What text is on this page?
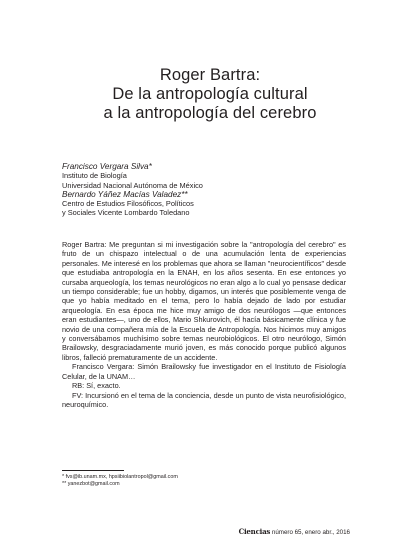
Roger Bartra:
De la antropología cultural
a la antropología del cerebro
Francisco Vergara Silva*
Instituto de Biología
Universidad Nacional Autónoma de México
Bernardo Yáñez Macías Valadez**
Centro de Estudios Filosóficos, Políticos
y Sociales Vicente Lombardo Toledano

Roger Bartra: Me preguntan si mi investigación sobre la "antropología del cerebro" es fruto de un chispazo intelectual o de una acumulación lenta de experiencias personales. Me interesé en los problemas que ahora se llaman "neurocientíficos" desde que estudiaba antropología en la ENAH, en los años sesenta. En ese entonces yo cursaba arqueología, los temas neurológicos no eran algo a lo cual yo pensase dedicar un tiempo considerable; fue un hobby, digamos, un interés que posiblemente venga de que yo había meditado en el tema, pero lo había dejado de lado por estudiar arqueología. En esa época me hice muy amigo de dos neurólogos —que entonces eran estudiantes—, uno de ellos, Mario Shkurovich, él hacía básicamente clínica y fue novio de una compañera mía de la Escuela de Antropología. Nos hicimos muy amigos y conversábamos muchísimo sobre temas neurobiológicos. El otro neurólogo, Simón Brailowsky, desgraciadamente murió joven, es más conocido porque publicó algunos libros, falleció prematuramente de un accidente.

Francisco Vergara: Simón Brailowsky fue investigador en el Instituto de Fisiología Celular, de la UNAM…

RB: Sí, exacto.

FV: Incursionó en el tema de la conciencia, desde un punto de vista neurofisiológico, neuroquímico.

* fvs@ib.unam.mx, hpsiibiolantropol@gmail.com
** yanezbot@gmail.com
Ciencias número 65, enero abr., 2016
